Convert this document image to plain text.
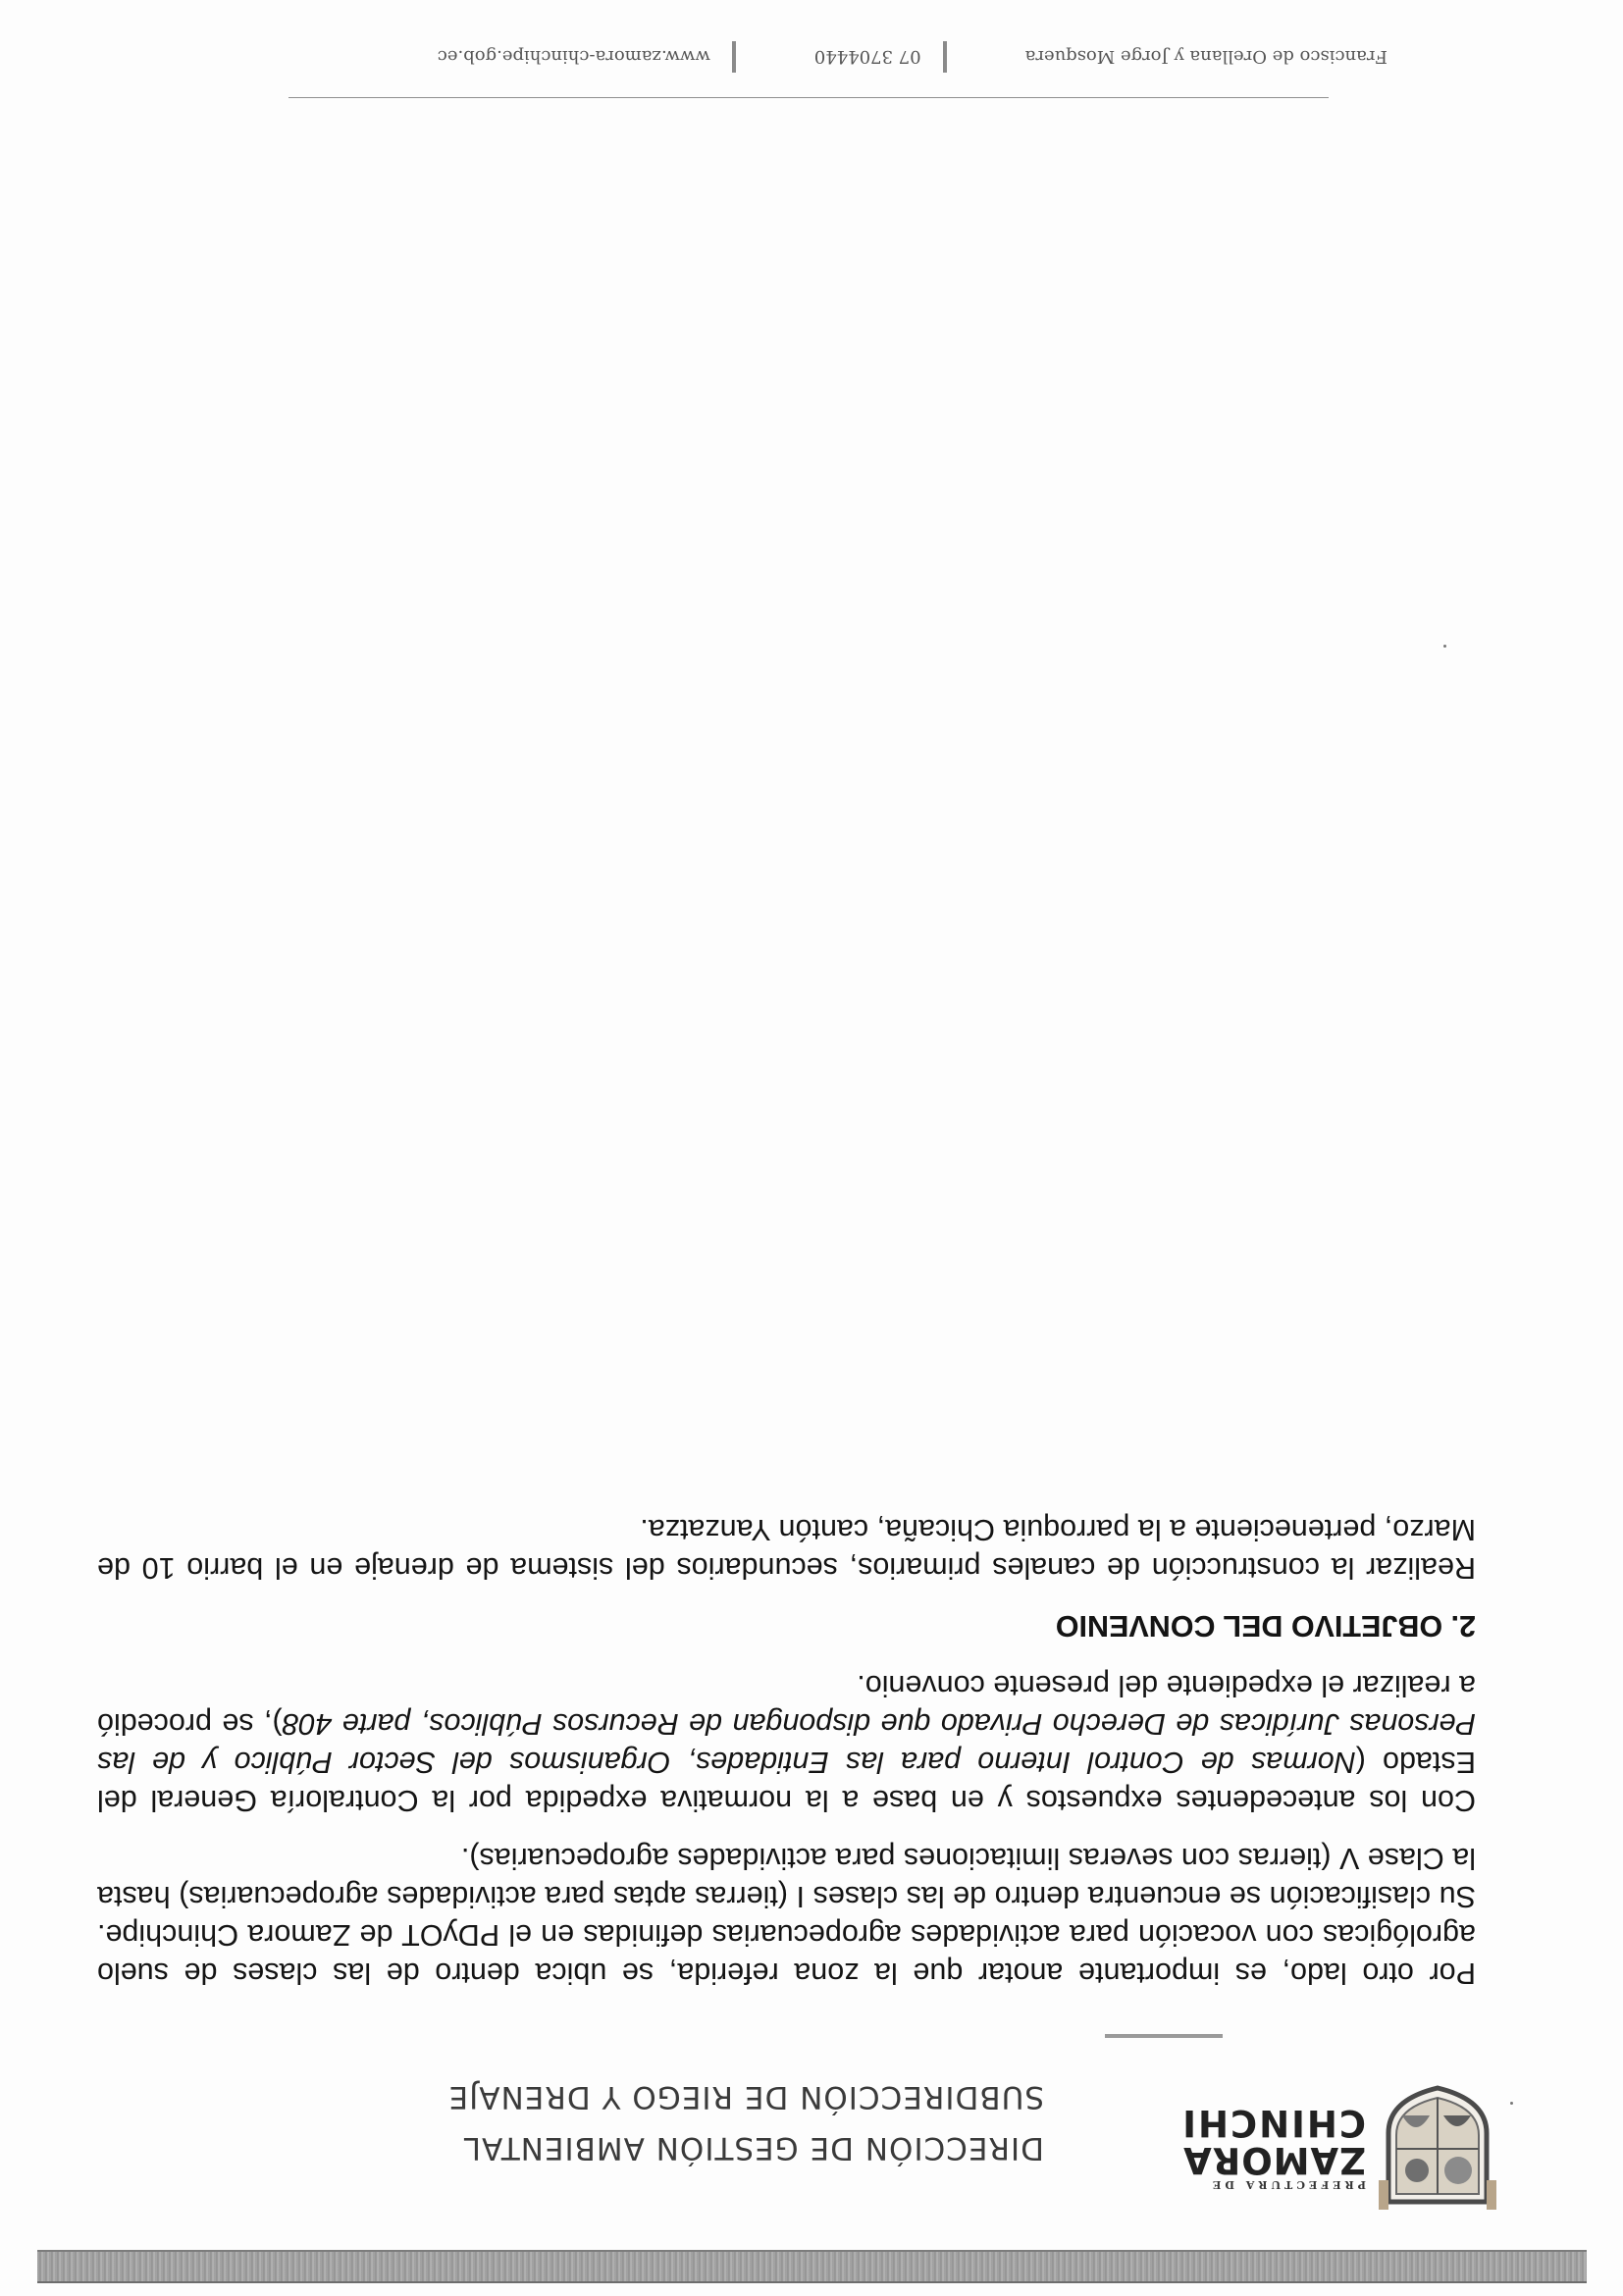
PREFECTURA DE
ZAMORA
CHINCHI
DIRECCIÓN DE GESTIÓN AMBIENTAL
SUBDIRECCIÓN DE RIEGO Y DRENAJE

Por otro lado, es importante anotar que la zona referida, se ubica dentro de las clases de suelo agrológicas con vocación para actividades agropecuarias definidas en el PDyOT de Zamora Chinchipe. Su clasificación se encuentra dentro de las clases I (tierras aptas para actividades agropecuarias) hasta la Clase V (tierras con severas limitaciones para actividades agropecuarias).

Con los antecedentes expuestos y en base a la normativa expedida por la Contraloría General del Estado (Normas de Control Interno para las Entidades, Organismos del Sector Público y de las Personas Jurídicas de Derecho Privado que dispongan de Recursos Públicos, parte 408), se procedió a realizar el expediente del presente convenio.

2. OBJETIVO DEL CONVENIO

Realizar la construcción de canales primarios, secundarios del sistema de drenaje en el barrio 10 de Marzo, perteneciente a la parroquia Chicaña, cantón Yanzatza.

Francisco de Orellana y Jorge Mosquera
07 3704440
www.zamora-chinchipe.gob.ec
